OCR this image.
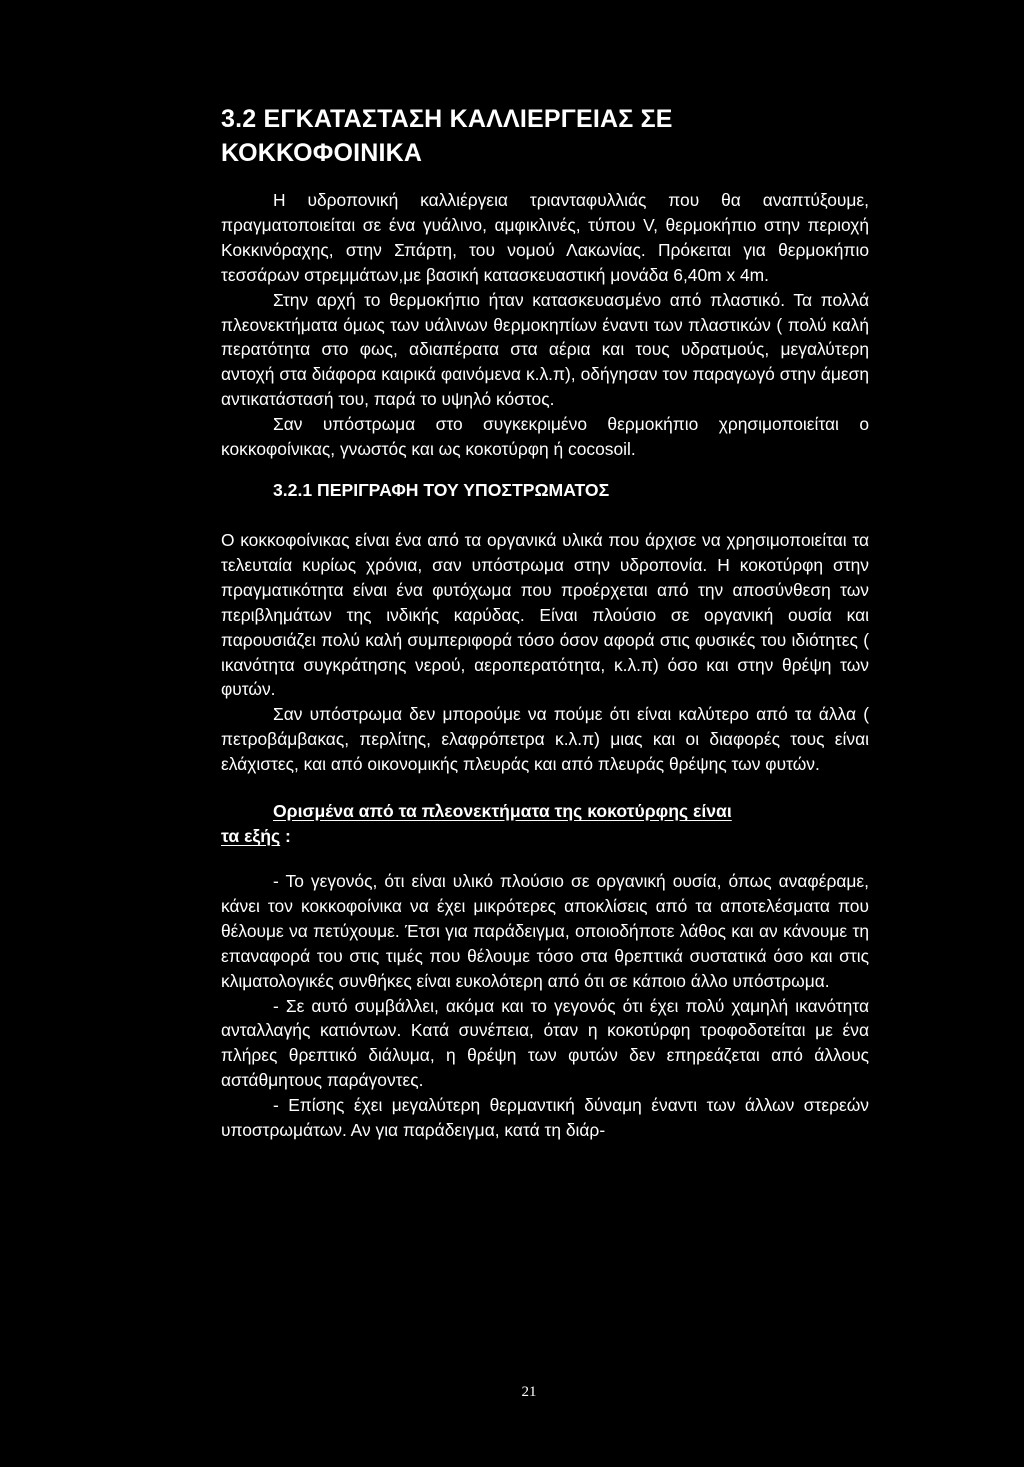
3.2 ΕΓΚΑΤΑΣΤΑΣΗ ΚΑΛΛΙΕΡΓΕΙΑΣ ΣΕ
ΚΟΚΚΟΦΟΙΝΙΚΑ

Η υδροπονική καλλιέργεια τριανταφυλλιάς που θα αναπτύξουμε, πραγματοποιείται σε ένα γυάλινο, αμφικλινές, τύπου V, θερμοκήπιο στην περιοχή Κοκκινόραχης, στην Σπάρτη, του νομού Λακωνίας. Πρόκειται για θερμοκήπιο τεσσάρων στρεμμάτων,με βασική κατασκευαστική μονάδα 6,40m x 4m.

Στην αρχή το θερμοκήπιο ήταν κατασκευασμένο από πλαστικό. Τα πολλά πλεονεκτήματα όμως των υάλινων θερμοκηπίων έναντι των πλαστικών ( πολύ καλή περατότητα στο φως, αδιαπέρατα στα αέρια και τους υδρατμούς, μεγαλύτερη αντοχή στα διάφορα καιρικά φαινόμενα κ.λ.π), οδήγησαν τον παραγωγό στην άμεση αντικατάστασή του, παρά το υψηλό κόστος.

Σαν υπόστρωμα στο συγκεκριμένο θερμοκήπιο χρησιμοποιείται ο κοκκοφοίνικας, γνωστός και ως κοκοτύρφη ή cocosoil.

3.2.1 ΠΕΡΙΓΡΑΦΗ ΤΟΥ ΥΠΟΣΤΡΩΜΑΤΟΣ

Ο κοκκοφοίνικας είναι ένα από τα οργανικά υλικά που άρχισε να χρησιμοποιείται τα τελευταία κυρίως χρόνια, σαν υπόστρωμα στην υδροπονία. Η κοκοτύρφη στην πραγματικότητα είναι ένα φυτόχωμα που προέρχεται από την αποσύνθεση των περιβλημάτων της ινδικής καρύδας. Είναι πλούσιο σε οργανική ουσία και παρουσιάζει πολύ καλή συμπεριφορά τόσο όσον αφορά στις φυσικές του ιδιότητες ( ικανότητα συγκράτησης νερού, αεροπερατότητα, κ.λ.π) όσο και στην θρέψη των φυτών.

Σαν υπόστρωμα δεν μπορούμε να πούμε ότι είναι καλύτερο από τα άλλα ( πετροβάμβακας, περλίτης, ελαφρόπετρα κ.λ.π) μιας και οι διαφορές τους είναι ελάχιστες, και από οικονομικής πλευράς και από πλευράς θρέψης των φυτών.

Ορισμένα από τα πλεονεκτήματα της κοκοτύρφης είναι
τα εξής :

- Το γεγονός, ότι είναι υλικό πλούσιο σε οργανική ουσία, όπως αναφέραμε, κάνει τον κοκκοφοίνικα να έχει μικρότερες αποκλίσεις από τα αποτελέσματα που θέλουμε να πετύχουμε. Έτσι για παράδειγμα, οποιοδήποτε λάθος και αν κάνουμε τη επαναφορά του στις τιμές που θέλουμε τόσο στα θρεπτικά συστατικά όσο και στις κλιματολογικές συνθήκες είναι ευκολότερη από ότι σε κάποιο άλλο υπόστρωμα.

- Σε αυτό συμβάλλει, ακόμα και το γεγονός ότι έχει πολύ χαμηλή ικανότητα ανταλλαγής κατιόντων. Κατά συνέπεια, όταν η κοκοτύρφη τροφοδοτείται με ένα πλήρες θρεπτικό διάλυμα, η θρέψη των φυτών δεν επηρεάζεται από άλλους αστάθμητους παράγοντες.

- Επίσης έχει μεγαλύτερη θερμαντική δύναμη έναντι των άλλων στερεών υποστρωμάτων. Αν για παράδειγμα, κατά τη διάρ-

21
